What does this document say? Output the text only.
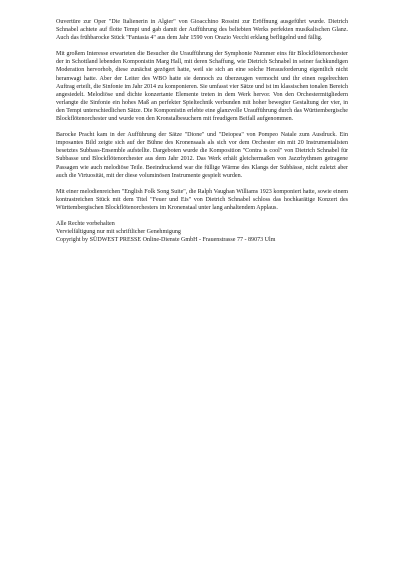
Ouvertüre zur Oper "Die Italienerin in Algier" von Gioacchino Rossini zur Eröffnung ausgeführt wurde. Dietrich Schnabel achtete auf flotte Tempi und gab damit der Aufführung des beliebten Werks perfekten musikalischen Glanz. Auch das frühbarocke Stück "Fantasia 4" aus dem Jahr 1590 von Orazio Vecchi erklang beflügelnd und fällig.

Mit großem Interesse erwarteten die Besucher die Uraufführung der Symphonie Nummer eins für Blockflötenorchester der in Schottland lebenden Komponistin Marg Hall, mit deren Schaffung, wie Dietrich Schnabel in seiner fachkundigen Moderation hervorhob, diese zunächst gezögert hatte, weil sie sich an eine solche Herausforderung eigentlich nicht heranwagt hatte. Aber der Leiter des WBO hatte sie dennoch zu überzeugen vermocht und ihr einen regelrechten Auftrag erteilt, die Sinfonie im Jahr 2014 zu komponieren. Sie umfasst vier Sätze und ist im klassischen tonalen Bereich angesiedelt. Melodiöse und dichte konzertante Elemente treten in dem Werk hervor. Von den Orchestermitgliedern verlangte die Sinfonie ein hohes Maß an perfekter Spieltechnik verbunden mit hoher bewegter Gestaltung der vier, in den Tempi unterschiedlichen Sätze. Die Komponistin erlebte eine glanzvolle Uraufführung durch das Württembergische Blockflötenorchester und wurde von den Kronstalbesuchern mit freudigem Beifall aufgenommen.

Barocke Pracht kam in der Aufführung der Sätze "Dione" und "Deiopea" von Pompeo Natale zum Ausdruck. Ein imposantes Bild zeigte sich auf der Bühne des Kronensaals als sich vor dem Orchester ein mit 20 Instrumentalisten besetztes Subbass-Ensemble aufstellte. Dargeboten wurde die Komposition "Contra is cool" von Dietrich Schnabel für Subbasse und Blockflötenorchester aus dem Jahr 2012. Das Werk erhält gleichermaßen von Jazzrhythmen getragene Passagen wie auch melodiöse Teile. Beeindruckend war die füllige Wärme des Klangs der Subbässe, nicht zuletzt aber auch die Virtuosität, mit der diese voluminösen Instrumente gespielt wurden.

Mit einer melodienreichen "English Folk Song Suite", die Ralph Vaughan Williams 1923 komponiert hatte, sowie einem kontrastreichen Stück mit dem Titel "Feuer und Eis" von Dietrich Schnabel schloss das hochkarätige Konzert des Württembergischen Blockflötenorchesters im Kronenstaal unter lang anhaltendem Applaus.

Alle Rechte vorbehalten

Vervielfältigung nur mit schriftlicher Genehmigung

Copyright by SÜDWEST PRESSE Online-Dienste GmbH - Frauenstrasse 77 - 89073 Ulm
